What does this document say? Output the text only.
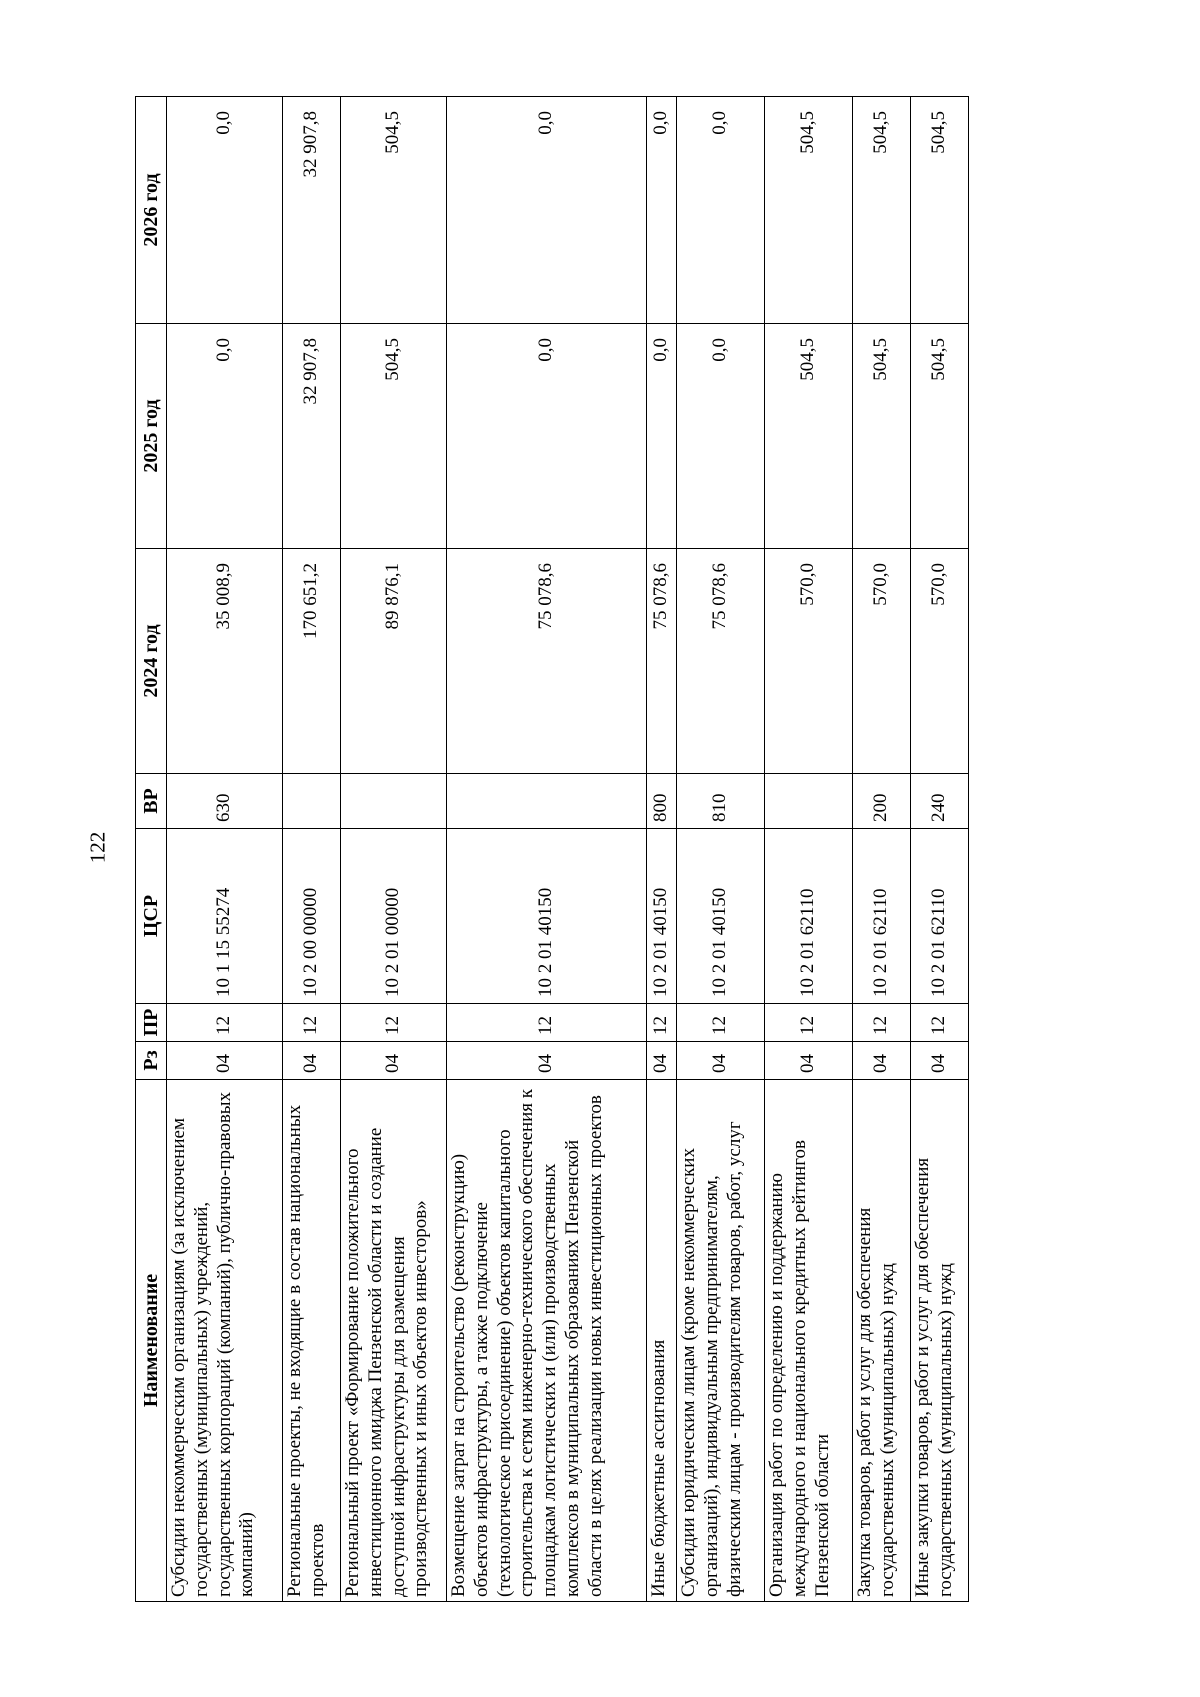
122
Наименование	Рз	ПР	ЦСР	ВР	2024 год	2025 год	2026 год
Субсидии некоммерческим организациям (за исключением государственных (муниципальных) учреждений, государственных корпораций (компаний), публично-правовых компаний)	04	12	10 1 15 55274	630	35 008,9	0,0	0,0
Региональные проекты, не входящие в состав национальных проектов	04	12	10 2 00 00000		170 651,2	32 907,8	32 907,8
Региональный проект «Формирование положительного инвестиционного имиджа Пензенской области и создание доступной инфраструктуры для размещения производственных и иных объектов инвесторов»	04	12	10 2 01 00000		89 876,1	504,5	504,5
Возмещение затрат на строительство (реконструкцию) объектов инфраструктуры, а также подключение (технологическое присоединение) объектов капитального строительства к сетям инженерно-технического обеспечения к площадкам логистических и (или) производственных комплексов в муниципальных образованиях Пензенской области в целях реализации новых инвестиционных проектов	04	12	10 2 01 40150		75 078,6	0,0	0,0
Иные бюджетные ассигнования	04	12	10 2 01 40150	800	75 078,6	0,0	0,0
Субсидии юридическим лицам (кроме некоммерческих организаций), индивидуальным предпринимателям, физическим лицам - производителям товаров, работ, услуг	04	12	10 2 01 40150	810	75 078,6	0,0	0,0
Организация работ по определению и поддержанию международного и национального кредитных рейтингов Пензенской области	04	12	10 2 01 62110		570,0	504,5	504,5
Закупка товаров, работ и услуг для обеспечения государственных (муниципальных) нужд	04	12	10 2 01 62110	200	570,0	504,5	504,5
Иные закупки товаров, работ и услуг для обеспечения государственных (муниципальных) нужд	04	12	10 2 01 62110	240	570,0	504,5	504,5
